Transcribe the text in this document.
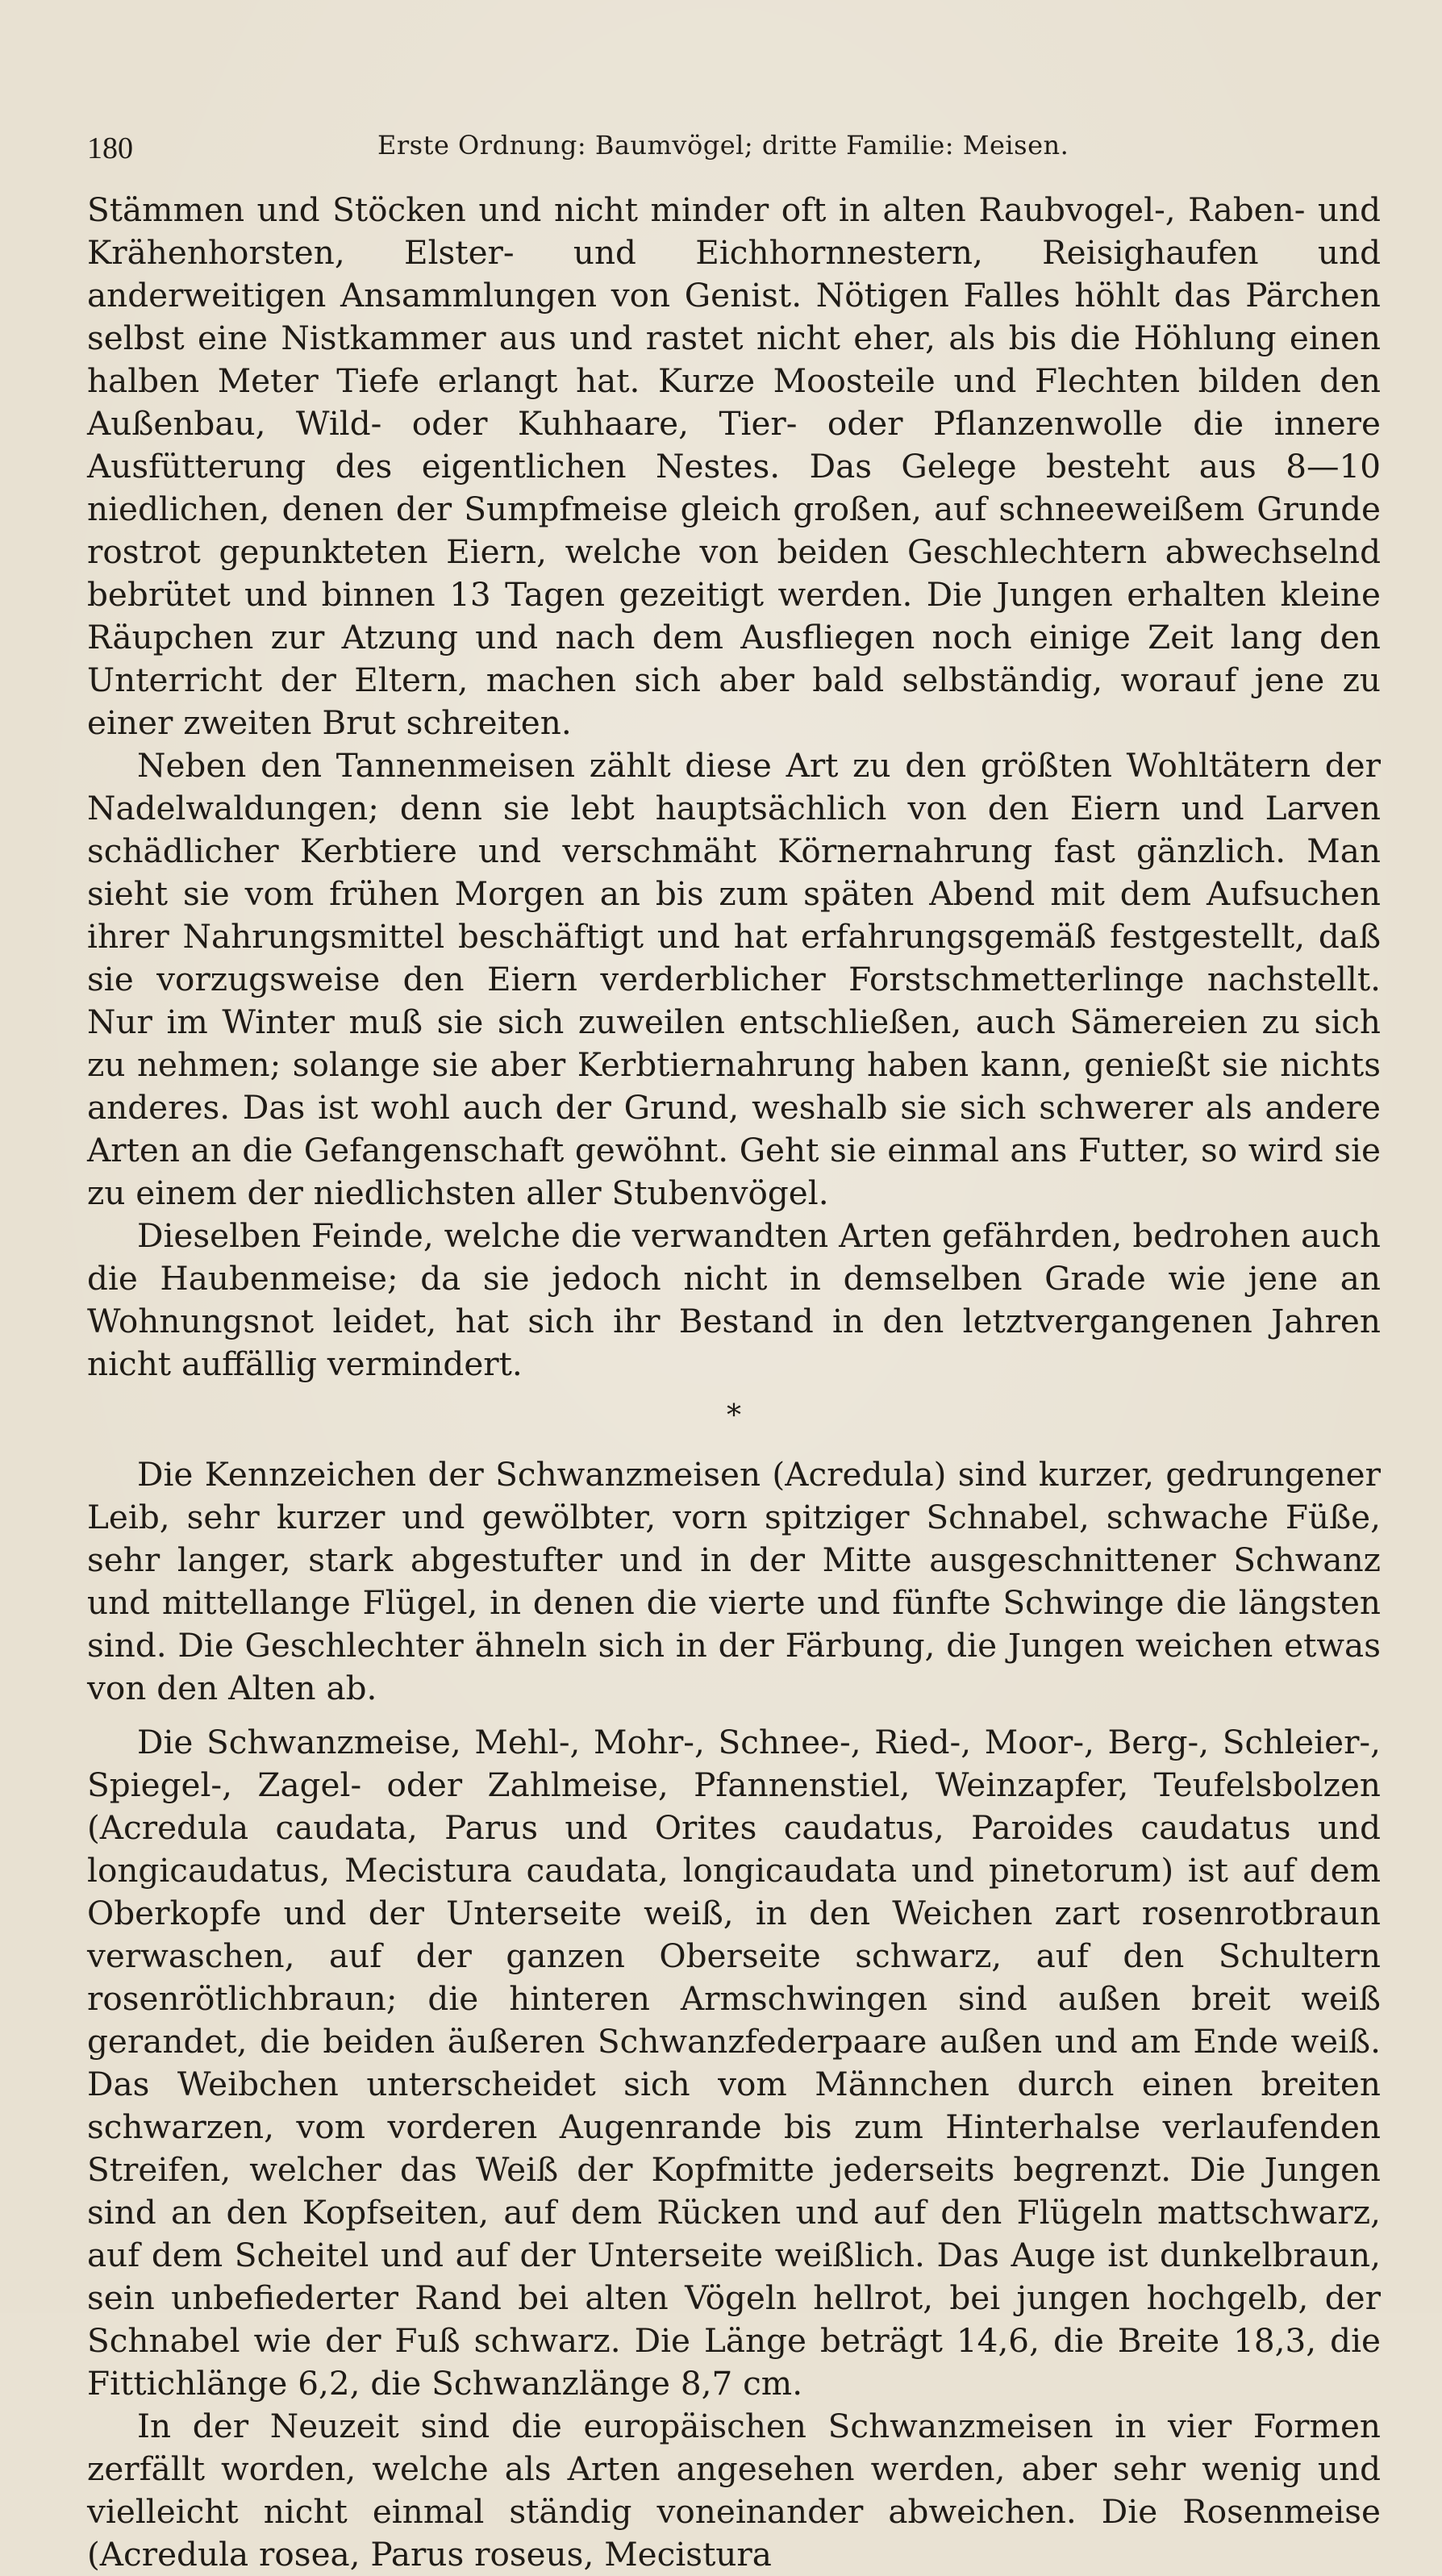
180	Erste Ordnung: Baumvögel; dritte Familie: Meisen.

Stämmen und Stöcken und nicht minder oft in alten Raubvogel-, Raben- und Krähenhorsten, Elster- und Eichhornnestern, Reisighaufen und anderweitigen Ansammlungen von Genist. Nötigen Falles höhlt das Pärchen selbst eine Nistkammer aus und rastet nicht eher, als bis die Höhlung einen halben Meter Tiefe erlangt hat. Kurze Moosteile und Flechten bilden den Außenbau, Wild- oder Kuhhaare, Tier- oder Pflanzenwolle die innere Ausfütterung des eigentlichen Nestes. Das Gelege besteht aus 8—10 niedlichen, denen der Sumpfmeise gleich großen, auf schneeweißem Grunde rostrot gepunkteten Eiern, welche von beiden Geschlechtern abwechselnd bebrütet und binnen 13 Tagen gezeitigt werden. Die Jungen erhalten kleine Räupchen zur Atzung und nach dem Ausfliegen noch einige Zeit lang den Unterricht der Eltern, machen sich aber bald selbständig, worauf jene zu einer zweiten Brut schreiten.

Neben den Tannenmeisen zählt diese Art zu den größten Wohltätern der Nadelwaldungen; denn sie lebt hauptsächlich von den Eiern und Larven schädlicher Kerbtiere und verschmäht Körnernahrung fast gänzlich. Man sieht sie vom frühen Morgen an bis zum späten Abend mit dem Aufsuchen ihrer Nahrungsmittel beschäftigt und hat erfahrungsgemäß festgestellt, daß sie vorzugsweise den Eiern verderblicher Forstschmetterlinge nachstellt. Nur im Winter muß sie sich zuweilen entschließen, auch Sämereien zu sich zu nehmen; solange sie aber Kerbtiernahrung haben kann, genießt sie nichts anderes. Das ist wohl auch der Grund, weshalb sie sich schwerer als andere Arten an die Gefangenschaft gewöhnt. Geht sie einmal ans Futter, so wird sie zu einem der niedlichsten aller Stubenvögel.

Dieselben Feinde, welche die verwandten Arten gefährden, bedrohen auch die Haubenmeise; da sie jedoch nicht in demselben Grade wie jene an Wohnungsnot leidet, hat sich ihr Bestand in den letztvergangenen Jahren nicht auffällig vermindert.

*

Die Kennzeichen der Schwanzmeisen (Acredula) sind kurzer, gedrungener Leib, sehr kurzer und gewölbter, vorn spitziger Schnabel, schwache Füße, sehr langer, stark abgestufter und in der Mitte ausgeschnittener Schwanz und mittellange Flügel, in denen die vierte und fünfte Schwinge die längsten sind. Die Geschlechter ähneln sich in der Färbung, die Jungen weichen etwas von den Alten ab.

Die Schwanzmeise, Mehl-, Mohr-, Schnee-, Ried-, Moor-, Berg-, Schleier-, Spiegel-, Zagel- oder Zahlmeise, Pfannenstiel, Weinzapfer, Teufelsbolzen (Acredula caudata, Parus und Orites caudatus, Paroides caudatus und longicaudatus, Mecistura caudata, longicaudata und pinetorum) ist auf dem Oberkopfe und der Unterseite weiß, in den Weichen zart rosenrotbraun verwaschen, auf der ganzen Oberseite schwarz, auf den Schultern rosenrötlichbraun; die hinteren Armschwingen sind außen breit weiß gerandet, die beiden äußeren Schwanzfederpaare außen und am Ende weiß. Das Weibchen unterscheidet sich vom Männchen durch einen breiten schwarzen, vom vorderen Augenrande bis zum Hinterhalse verlaufenden Streifen, welcher das Weiß der Kopfmitte jederseits begrenzt. Die Jungen sind an den Kopfseiten, auf dem Rücken und auf den Flügeln mattschwarz, auf dem Scheitel und auf der Unterseite weißlich. Das Auge ist dunkelbraun, sein unbefiederter Rand bei alten Vögeln hellrot, bei jungen hochgelb, der Schnabel wie der Fuß schwarz. Die Länge beträgt 14,6, die Breite 18,3, die Fittichlänge 6,2, die Schwanzlänge 8,7 cm.

In der Neuzeit sind die europäischen Schwanzmeisen in vier Formen zerfällt worden, welche als Arten angesehen werden, aber sehr wenig und vielleicht nicht einmal ständig voneinander abweichen. Die Rosenmeise (Acredula rosea, Parus roseus, Mecistura
